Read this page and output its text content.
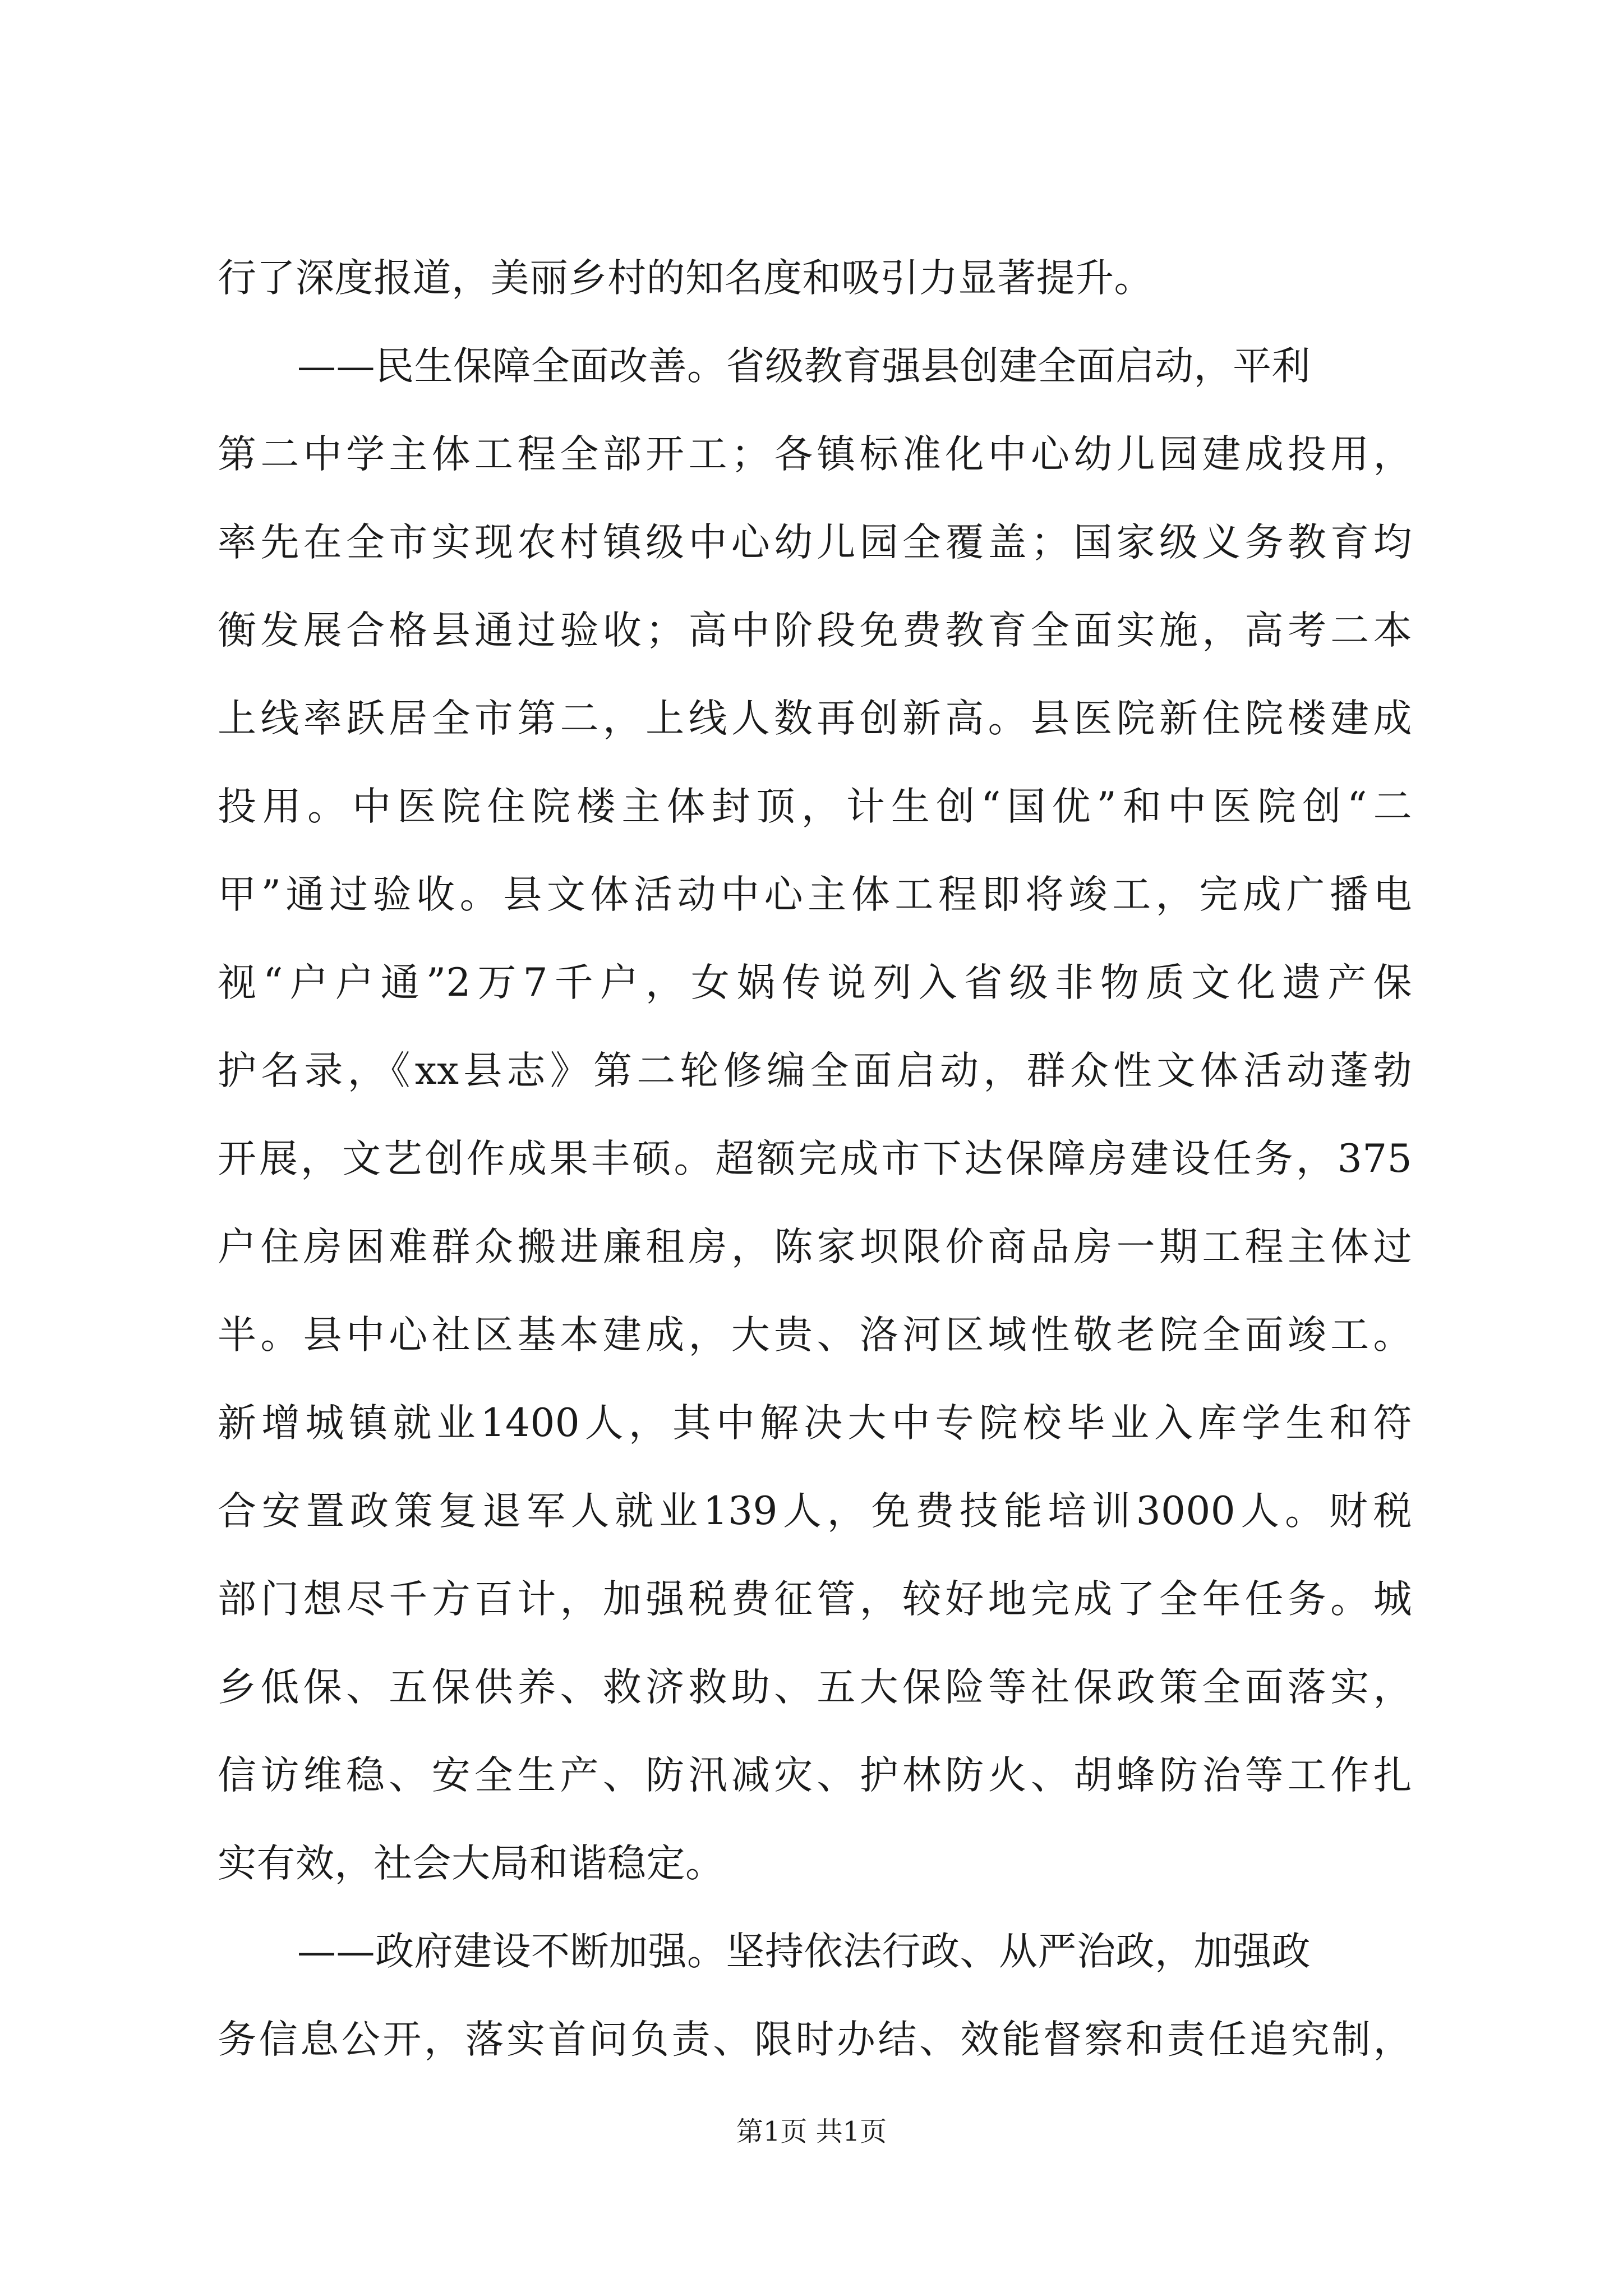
行了深度报道，美丽乡村的知名度和吸引力显著提升。
——民生保障全面改善。省级教育强县创建全面启动，平利
第二中学主体工程全部开工；各镇标准化中心幼儿园建成投用，
率先在全市实现农村镇级中心幼儿园全覆盖；国家级义务教育均
衡发展合格县通过验收；高中阶段免费教育全面实施，高考二本
上线率跃居全市第二，上线人数再创新高。县医院新住院楼建成
投用。中医院住院楼主体封顶，计生创“国优”和中医院创“二
甲”通过验收。县文体活动中心主体工程即将竣工，完成广播电
视“户户通”2万7千户，女娲传说列入省级非物质文化遗产保
护名录，《xx县志》第二轮修编全面启动，群众性文体活动蓬勃
开展，文艺创作成果丰硕。超额完成市下达保障房建设任务，375
户住房困难群众搬进廉租房，陈家坝限价商品房一期工程主体过
半。县中心社区基本建成，大贵、洛河区域性敬老院全面竣工。
新增城镇就业1400人，其中解决大中专院校毕业入库学生和符
合安置政策复退军人就业139人，免费技能培训3000人。财税
部门想尽千方百计，加强税费征管，较好地完成了全年任务。城
乡低保、五保供养、救济救助、五大保险等社保政策全面落实，
信访维稳、安全生产、防汛减灾、护林防火、胡蜂防治等工作扎
实有效，社会大局和谐稳定。
——政府建设不断加强。坚持依法行政、从严治政，加强政
务信息公开，落实首问负责、限时办结、效能督察和责任追究制，
第1页 共1页
